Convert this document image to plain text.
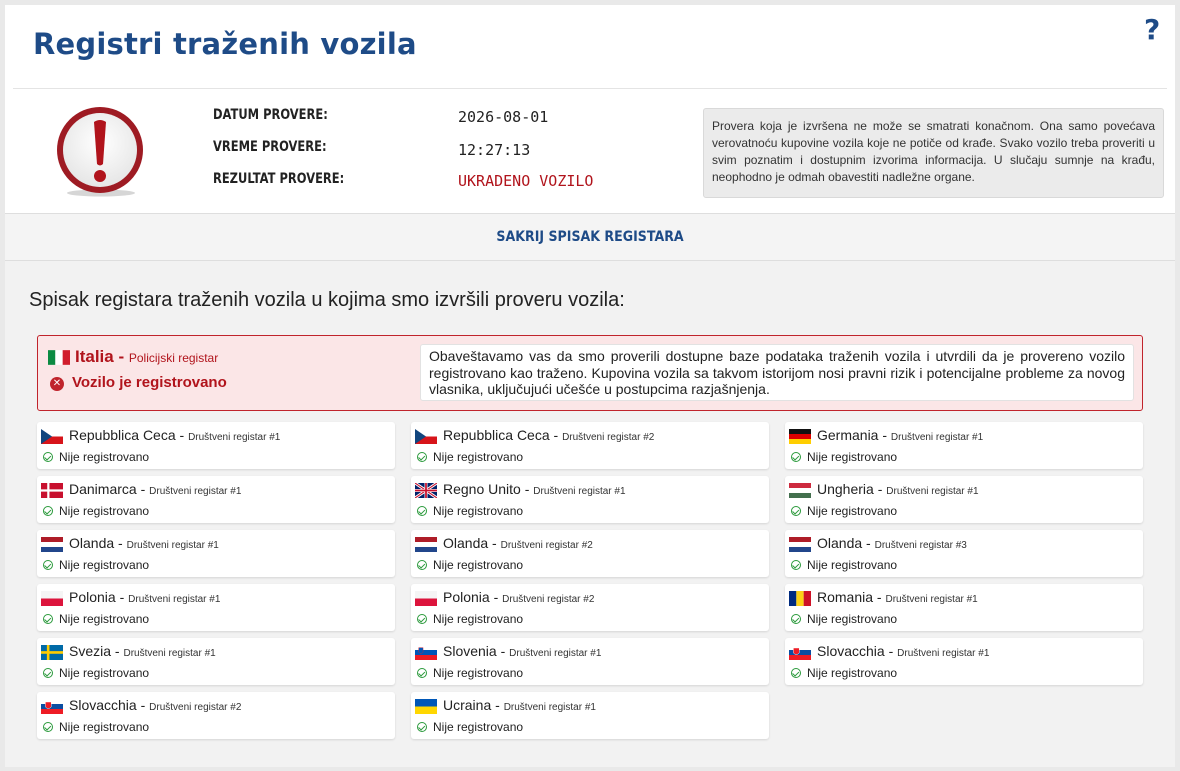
Registri traženih vozila	?
DATUM PROVERE:	2026-08-01
VREME PROVERE:	12:27:13
REZULTAT PROVERE:	UKRADENO VOZILO
Provera koja je izvršena ne može se smatrati konačnom. Ona samo povećava verovatnoću kupovine vozila koje ne potiče od krađe. Svako vozilo treba proveriti u svim poznatim i dostupnim izvorima informacija. U slučaju sumnje na krađu, neophodno je odmah obavestiti nadležne organe.
SAKRIJ SPISAK REGISTARA
Spisak registara traženih vozila u kojima smo izvršili proveru vozila:
Italia - Policijski registar
✕ Vozilo je registrovano
Obaveštavamo vas da smo proverili dostupne baze podataka traženih vozila i utvrdili da je provereno vozilo registrovano kao traženo. Kupovina vozila sa takvom istorijom nosi pravni rizik i potencijalne probleme za novog vlasnika, uključujući učešće u postupcima razjašnjenja.
Repubblica Ceca - Društveni registar #1
Nije registrovano
Repubblica Ceca - Društveni registar #2
Nije registrovano
Germania - Društveni registar #1
Nije registrovano
Danimarca - Društveni registar #1
Nije registrovano
Regno Unito - Društveni registar #1
Nije registrovano
Ungheria - Društveni registar #1
Nije registrovano
Olanda - Društveni registar #1
Nije registrovano
Olanda - Društveni registar #2
Nije registrovano
Olanda - Društveni registar #3
Nije registrovano
Polonia - Društveni registar #1
Nije registrovano
Polonia - Društveni registar #2
Nije registrovano
Romania - Društveni registar #1
Nije registrovano
Svezia - Društveni registar #1
Nije registrovano
Slovenia - Društveni registar #1
Nije registrovano
Slovacchia - Društveni registar #1
Nije registrovano
Slovacchia - Društveni registar #2
Nije registrovano
Ucraina - Društveni registar #1
Nije registrovano
